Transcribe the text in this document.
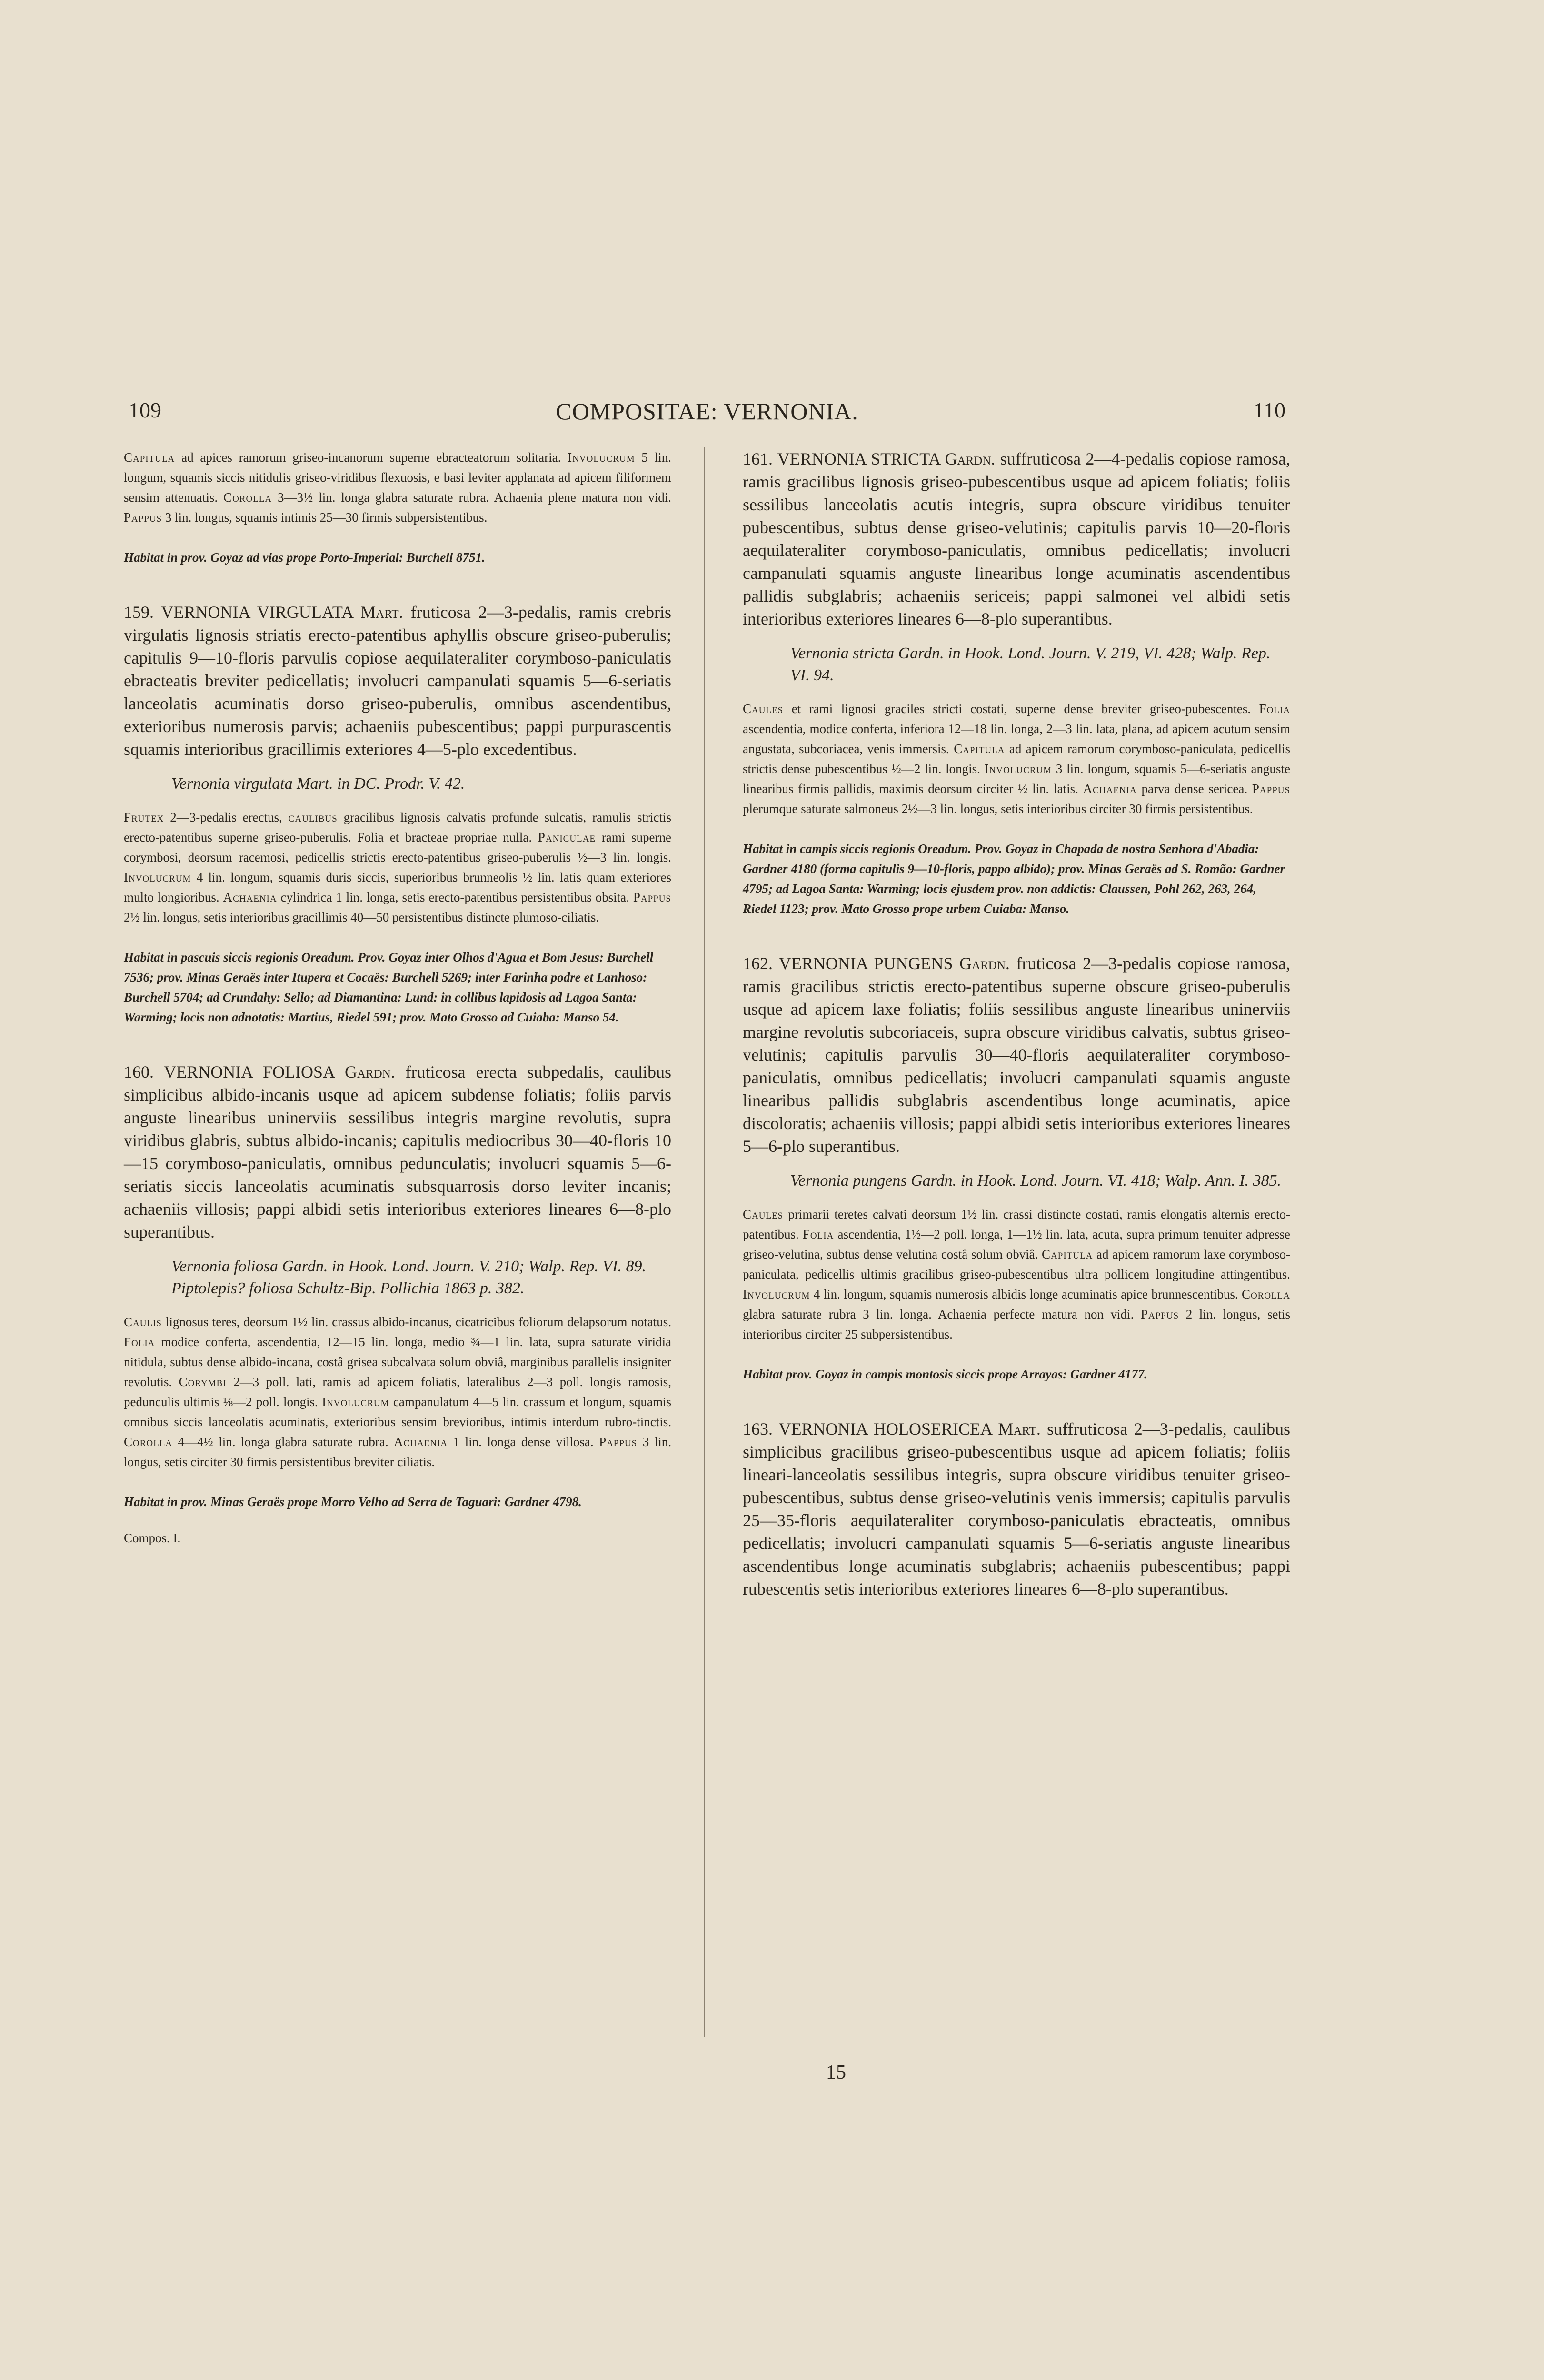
109	COMPOSITAE: VERNONIA.	110

Capitula ad apices ramorum griseo-incanorum superne ebracteatorum solitaria. Involucrum 5 lin. longum, squamis siccis nitidulis griseo-viridibus flexuosis, e basi leviter applanata ad apicem filiformem sensim attenuatis. Corolla 3—3½ lin. longa glabra saturate rubra. Achaenia plene matura non vidi. Pappus 3 lin. longus, squamis intimis 25—30 firmis subpersistentibus.

Habitat in prov. Goyaz ad vias prope Porto-Imperial: Burchell 8751.

159. VERNONIA VIRGULATA Mart. fruticosa 2—3-pedalis, ramis crebris virgulatis lignosis striatis erecto-patentibus aphyllis obscure griseo-puberulis; capitulis 9—10-floris parvulis copiose aequilateraliter corymboso-paniculatis ebracteatis breviter pedicellatis; involucri campanulati squamis 5—6-seriatis lanceolatis acuminatis dorso griseo-puberulis, omnibus ascendentibus, exterioribus numerosis parvis; achaeniis pubescentibus; pappi purpurascentis squamis interioribus gracillimis exteriores 4—5-plo excedentibus.

Vernonia virgulata Mart. in DC. Prodr. V. 42.

Frutex 2—3-pedalis erectus, caulibus gracilibus lignosis calvatis profunde sulcatis, ramulis strictis erecto-patentibus superne griseo-puberulis. Folia et bracteae propriae nulla. Paniculae rami superne corymbosi, deorsum racemosi, pedicellis strictis erecto-patentibus griseo-puberulis ½—3 lin. longis. Involucrum 4 lin. longum, squamis duris siccis, superioribus brunneolis ½ lin. latis quam exteriores multo longioribus. Achaenia cylindrica 1 lin. longa, setis erecto-patentibus persistentibus obsita. Pappus 2½ lin. longus, setis interioribus gracillimis 40—50 persistentibus distincte plumoso-ciliatis.

Habitat in pascuis siccis regionis Oreadum. Prov. Goyaz inter Olhos d'Agua et Bom Jesus: Burchell 7536; prov. Minas Geraës inter Itupera et Cocaës: Burchell 5269; inter Farinha podre et Lanhoso: Burchell 5704; ad Crundahy: Sello; ad Diamantina: Lund: in collibus lapidosis ad Lagoa Santa: Warming; locis non adnotatis: Martius, Riedel 591; prov. Mato Grosso ad Cuiaba: Manso 54.

160. VERNONIA FOLIOSA Gardn. fruticosa erecta subpedalis, caulibus simplicibus albido-incanis usque ad apicem subdense foliatis; foliis parvis anguste linearibus uninerviis sessilibus integris margine revolutis, supra viridibus glabris, subtus albido-incanis; capitulis mediocribus 30—40-floris 10—15 corymboso-paniculatis, omnibus pedunculatis; involucri squamis 5—6-seriatis siccis lanceolatis acuminatis subsquarrosis dorso leviter incanis; achaeniis villosis; pappi albidi setis interioribus exteriores lineares 6—8-plo superantibus.

Vernonia foliosa Gardn. in Hook. Lond. Journ. V. 210; Walp. Rep. VI. 89.

Piptolepis? foliosa Schultz-Bip. Pollichia 1863 p. 382.

Caulis lignosus teres, deorsum 1½ lin. crassus albido-incanus, cicatricibus foliorum delapsorum notatus. Folia modice conferta, ascendentia, 12—15 lin. longa, medio ¾—1 lin. lata, supra saturate viridia nitidula, subtus dense albido-incana, costâ grisea subcalvata solum obviâ, marginibus parallelis insigniter revolutis. Corymbi 2—3 poll. lati, ramis ad apicem foliatis, lateralibus 2—3 poll. longis ramosis, pedunculis ultimis ⅛—2 poll. longis. Involucrum campanulatum 4—5 lin. crassum et longum, squamis omnibus siccis lanceolatis acuminatis, exterioribus sensim brevioribus, intimis interdum rubro-tinctis. Corolla 4—4½ lin. longa glabra saturate rubra. Achaenia 1 lin. longa dense villosa. Pappus 3 lin. longus, setis circiter 30 firmis persistentibus breviter ciliatis.

Habitat in prov. Minas Geraës prope Morro Velho ad Serra de Taguari: Gardner 4798.

Compos. I.

161. VERNONIA STRICTA Gardn. suffruticosa 2—4-pedalis copiose ramosa, ramis gracilibus lignosis griseo-pubescentibus usque ad apicem foliatis; foliis sessilibus lanceolatis acutis integris, supra obscure viridibus tenuiter pubescentibus, subtus dense griseo-velutinis; capitulis parvis 10—20-floris aequilateraliter corymboso-paniculatis, omnibus pedicellatis; involucri campanulati squamis anguste linearibus longe acuminatis ascendentibus pallidis subglabris; achaeniis sericeis; pappi salmonei vel albidi setis interioribus exteriores lineares 6—8-plo superantibus.

Vernonia stricta Gardn. in Hook. Lond. Journ. V. 219, VI. 428; Walp. Rep. VI. 94.

Caules et rami lignosi graciles stricti costati, superne dense breviter griseo-pubescentes. Folia ascendentia, modice conferta, inferiora 12—18 lin. longa, 2—3 lin. lata, plana, ad apicem acutum sensim angustata, subcoriacea, venis immersis. Capitula ad apicem ramorum corymboso-paniculata, pedicellis strictis dense pubescentibus ½—2 lin. longis. Involucrum 3 lin. longum, squamis 5—6-seriatis anguste linearibus firmis pallidis, maximis deorsum circiter ½ lin. latis. Achaenia parva dense sericea. Pappus plerumque saturate salmoneus 2½—3 lin. longus, setis interioribus circiter 30 firmis persistentibus.

Habitat in campis siccis regionis Oreadum. Prov. Goyaz in Chapada de nostra Senhora d'Abadia: Gardner 4180 (forma capitulis 9—10-floris, pappo albido); prov. Minas Geraës ad S. Romão: Gardner 4795; ad Lagoa Santa: Warming; locis ejusdem prov. non addictis: Claussen, Pohl 262, 263, 264, Riedel 1123; prov. Mato Grosso prope urbem Cuiaba: Manso.

162. VERNONIA PUNGENS Gardn. fruticosa 2—3-pedalis copiose ramosa, ramis gracilibus strictis erecto-patentibus superne obscure griseo-puberulis usque ad apicem laxe foliatis; foliis sessilibus anguste linearibus uninerviis margine revolutis subcoriaceis, supra obscure viridibus calvatis, subtus griseo-velutinis; capitulis parvulis 30—40-floris aequilateraliter corymboso-paniculatis, omnibus pedicellatis; involucri campanulati squamis anguste linearibus pallidis subglabris ascendentibus longe acuminatis, apice discoloratis; achaeniis villosis; pappi albidi setis interioribus exteriores lineares 5—6-plo superantibus.

Vernonia pungens Gardn. in Hook. Lond. Journ. VI. 418; Walp. Ann. I. 385.

Caules primarii teretes calvati deorsum 1½ lin. crassi distincte costati, ramis elongatis alternis erecto-patentibus. Folia ascendentia, 1½—2 poll. longa, 1—1½ lin. lata, acuta, supra primum tenuiter adpresse griseo-velutina, subtus dense velutina costâ solum obviâ. Capitula ad apicem ramorum laxe corymboso-paniculata, pedicellis ultimis gracilibus griseo-pubescentibus ultra pollicem longitudine attingentibus. Involucrum 4 lin. longum, squamis numerosis albidis longe acuminatis apice brunnescentibus. Corolla glabra saturate rubra 3 lin. longa. Achaenia perfecte matura non vidi. Pappus 2 lin. longus, setis interioribus circiter 25 subpersistentibus.

Habitat prov. Goyaz in campis montosis siccis prope Arrayas: Gardner 4177.

163. VERNONIA HOLOSERICEA Mart. suffruticosa 2—3-pedalis, caulibus simplicibus gracilibus griseo-pubescentibus usque ad apicem foliatis; foliis lineari-lanceolatis sessilibus integris, supra obscure viridibus tenuiter griseo-pubescentibus, subtus dense griseo-velutinis venis immersis; capitulis parvulis 25—35-floris aequilateraliter corymboso-paniculatis ebracteatis, omnibus pedicellatis; involucri campanulati squamis 5—6-seriatis anguste linearibus ascendentibus longe acuminatis subglabris; achaeniis pubescentibus; pappi rubescentis setis interioribus exteriores lineares 6—8-plo superantibus.

15
